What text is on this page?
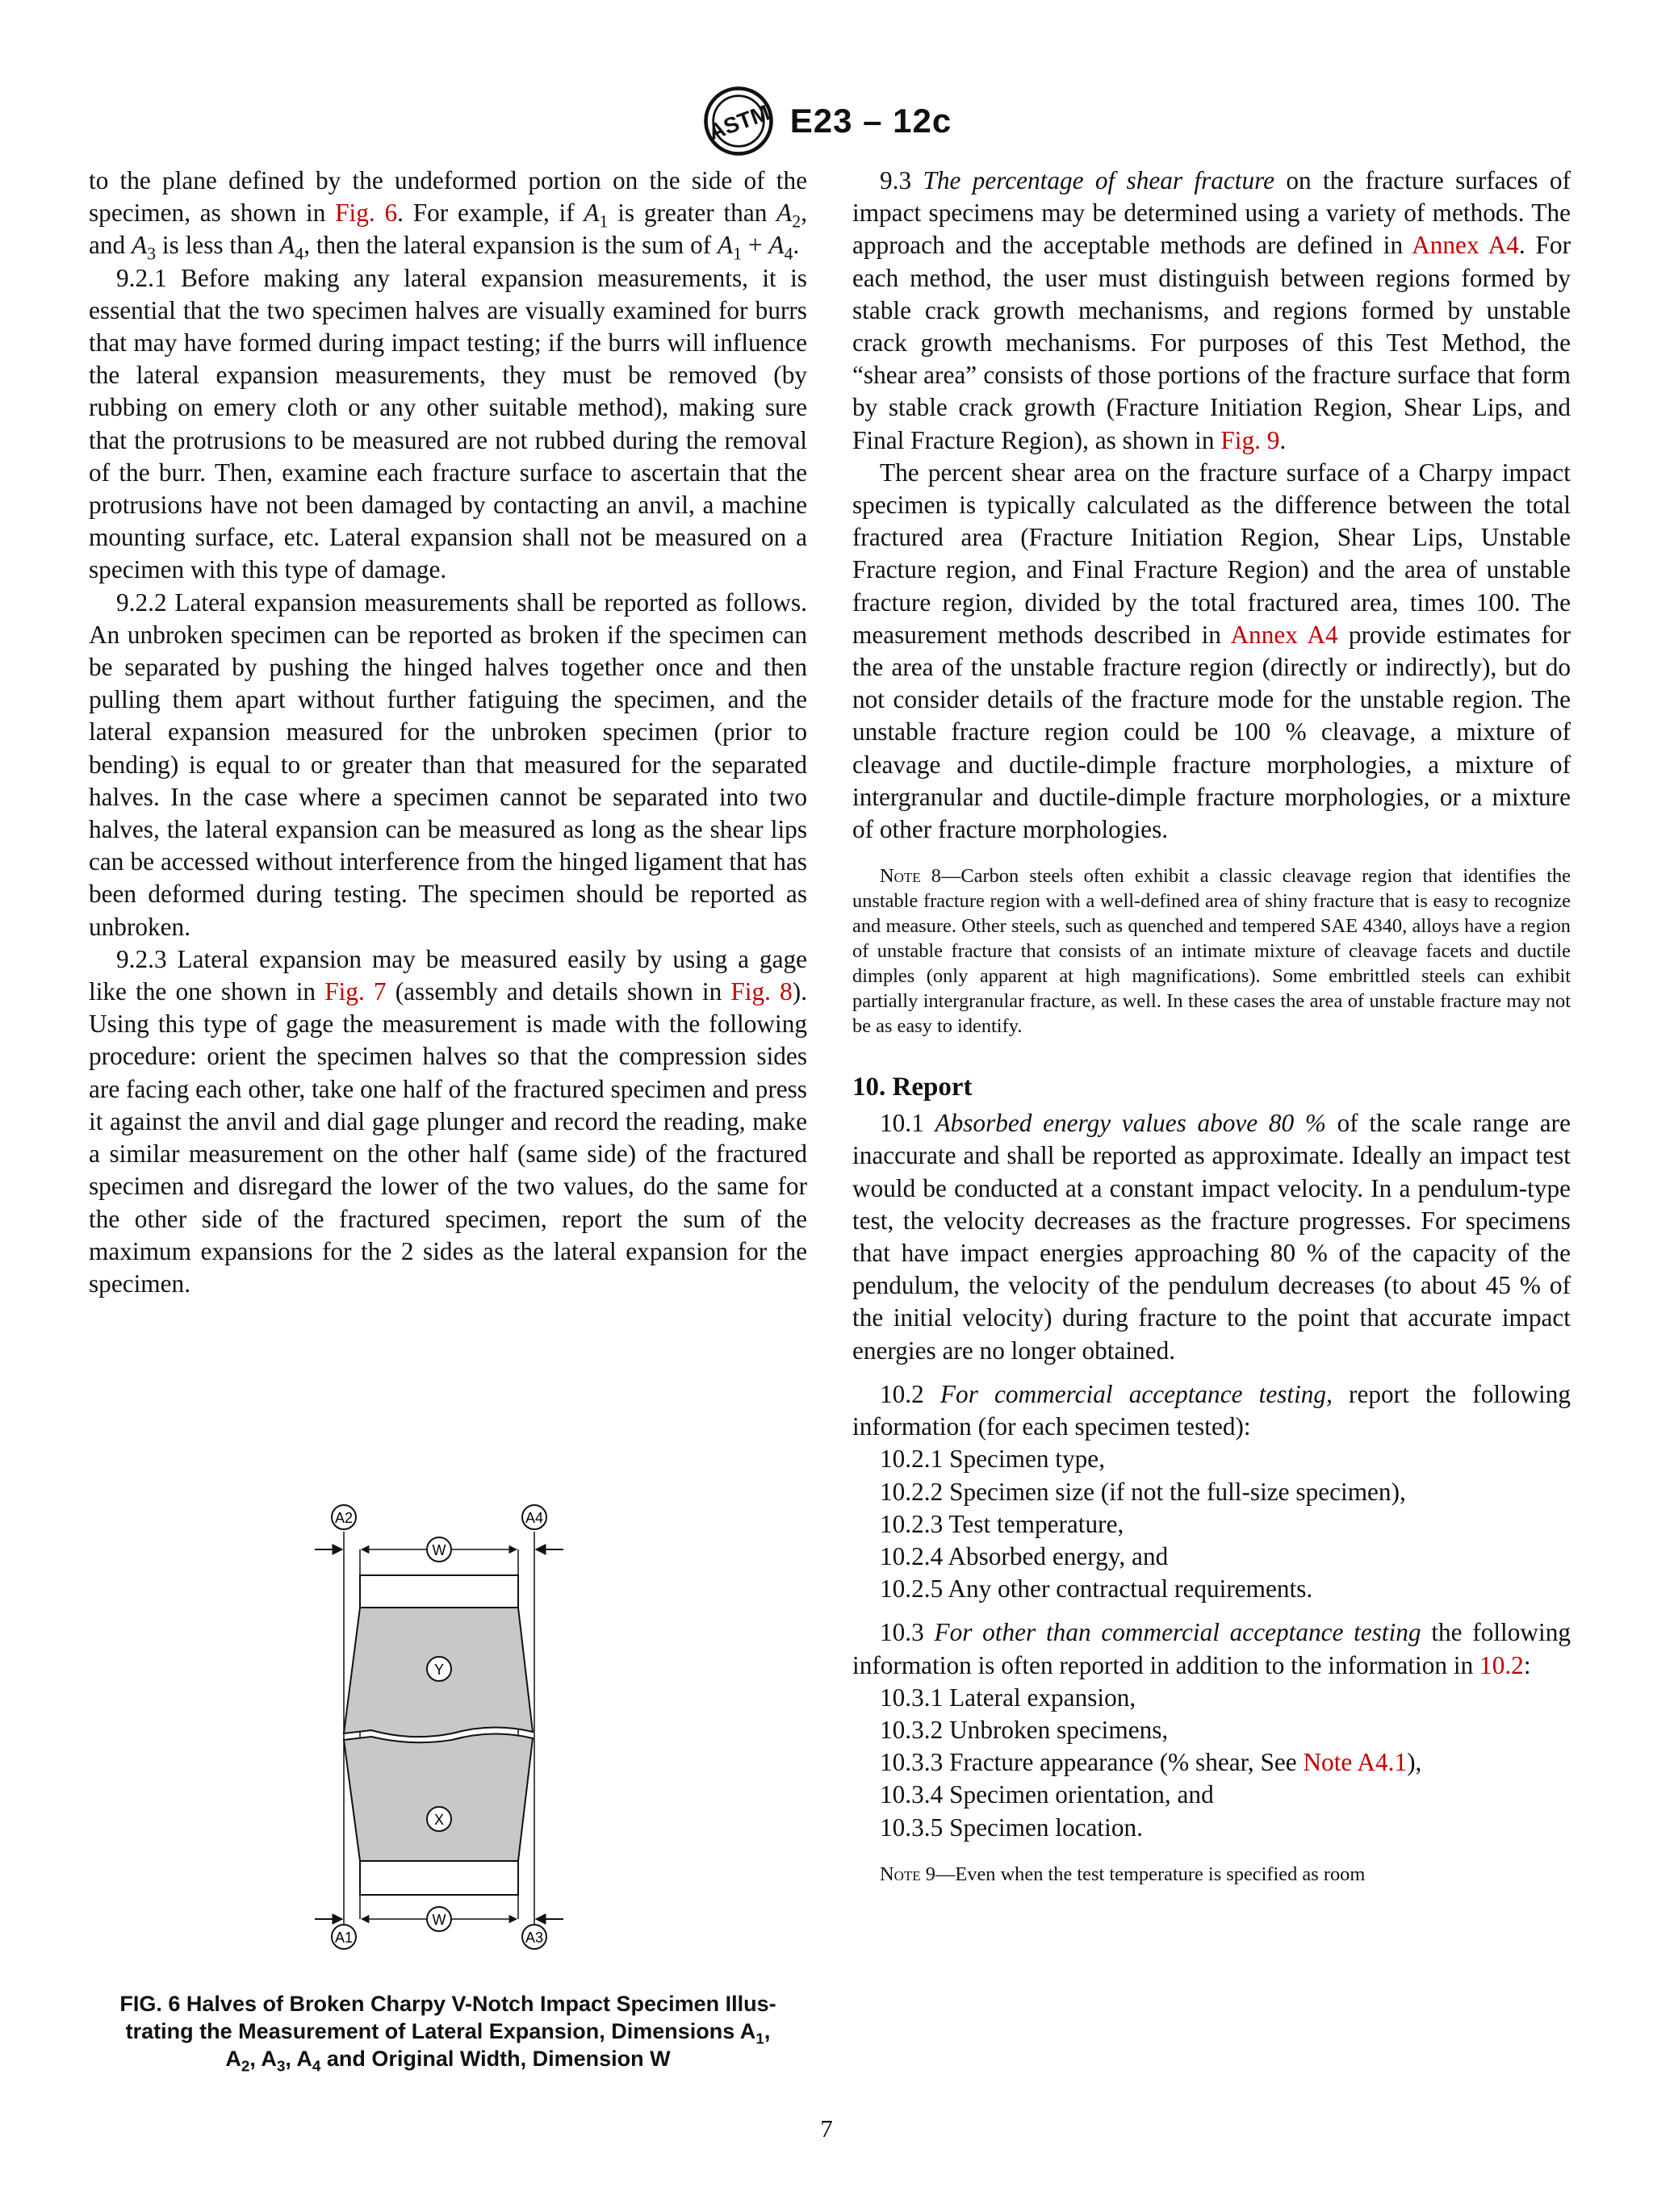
ASTM E23 – 12c

to the plane defined by the undeformed portion on the side of the specimen, as shown in Fig. 6. For example, if $A_1$ is greater than $A_2$, and $A_3$ is less than $A_4$, then the lateral expansion is the sum of $A_1 + A_4$.

9.2.1 Before making any lateral expansion measurements, it is essential that the two specimen halves are visually examined for burrs that may have formed during impact testing; if the burrs will influence the lateral expansion measurements, they must be removed (by rubbing on emery cloth or any other suitable method), making sure that the protrusions to be measured are not rubbed during the removal of the burr. Then, examine each fracture surface to ascertain that the protrusions have not been damaged by contacting an anvil, a machine mounting surface, etc. Lateral expansion shall not be measured on a specimen with this type of damage.

9.2.2 Lateral expansion measurements shall be reported as follows. An unbroken specimen can be reported as broken if the specimen can be separated by pushing the hinged halves together once and then pulling them apart without further fatiguing the specimen, and the lateral expansion measured for the unbroken specimen (prior to bending) is equal to or greater than that measured for the separated halves. In the case where a specimen cannot be separated into two halves, the lateral expansion can be measured as long as the shear lips can be accessed without interference from the hinged ligament that has been deformed during testing. The specimen should be reported as unbroken.

9.2.3 Lateral expansion may be measured easily by using a gage like the one shown in Fig. 7 (assembly and details shown in Fig. 8). Using this type of gage the measurement is made with the following procedure: orient the specimen halves so that the compression sides are facing each other, take one half of the fractured specimen and press it against the anvil and dial gage plunger and record the reading, make a similar measurement on the other half (same side) of the fractured specimen and disregard the lower of the two values, do the same for the other side of the fractured specimen, report the sum of the maximum expansions for the 2 sides as the lateral expansion for the specimen.

A2	A4
W
Y
X
W
A1	A3
FIG. 6 Halves of Broken Charpy V-Notch Impact Specimen Illus-
trating the Measurement of Lateral Expansion, Dimensions $A_1$,
$A_2$, $A_3$, $A_4$ and Original Width, Dimension W

9.3 The percentage of shear fracture on the fracture surfaces of impact specimens may be determined using a variety of methods. The approach and the acceptable methods are defined in Annex A4. For each method, the user must distinguish between regions formed by stable crack growth mechanisms, and regions formed by unstable crack growth mechanisms. For purposes of this Test Method, the “shear area” consists of those portions of the fracture surface that form by stable crack growth (Fracture Initiation Region, Shear Lips, and Final Fracture Region), as shown in Fig. 9.

The percent shear area on the fracture surface of a Charpy impact specimen is typically calculated as the difference between the total fractured area (Fracture Initiation Region, Shear Lips, Unstable Fracture region, and Final Fracture Region) and the area of unstable fracture region, divided by the total fractured area, times 100. The measurement methods described in Annex A4 provide estimates for the area of the unstable fracture region (directly or indirectly), but do not consider details of the fracture mode for the unstable region. The unstable fracture region could be 100 % cleavage, a mixture of cleavage and ductile-dimple fracture morphologies, a mixture of intergranular and ductile-dimple fracture morphologies, or a mixture of other fracture morphologies.

Note 8—Carbon steels often exhibit a classic cleavage region that identifies the unstable fracture region with a well-defined area of shiny fracture that is easy to recognize and measure. Other steels, such as quenched and tempered SAE 4340, alloys have a region of unstable fracture that consists of an intimate mixture of cleavage facets and ductile dimples (only apparent at high magnifications). Some embrittled steels can exhibit partially intergranular fracture, as well. In these cases the area of unstable fracture may not be as easy to identify.
10. Report

10.1 Absorbed energy values above 80 % of the scale range are inaccurate and shall be reported as approximate. Ideally an impact test would be conducted at a constant impact velocity. In a pendulum-type test, the velocity decreases as the fracture progresses. For specimens that have impact energies approaching 80 % of the capacity of the pendulum, the velocity of the pendulum decreases (to about 45 % of the initial velocity) during fracture to the point that accurate impact energies are no longer obtained.

10.2 For commercial acceptance testing, report the following information (for each specimen tested):

10.2.1 Specimen type,
10.2.2 Specimen size (if not the full-size specimen),
10.2.3 Test temperature,
10.2.4 Absorbed energy, and
10.2.5 Any other contractual requirements.

10.3 For other than commercial acceptance testing the following information is often reported in addition to the information in 10.2:

10.3.1 Lateral expansion,
10.3.2 Unbroken specimens,
10.3.3 Fracture appearance (% shear, See Note A4.1),
10.3.4 Specimen orientation, and
10.3.5 Specimen location.
Note 9—Even when the test temperature is specified as room
7
